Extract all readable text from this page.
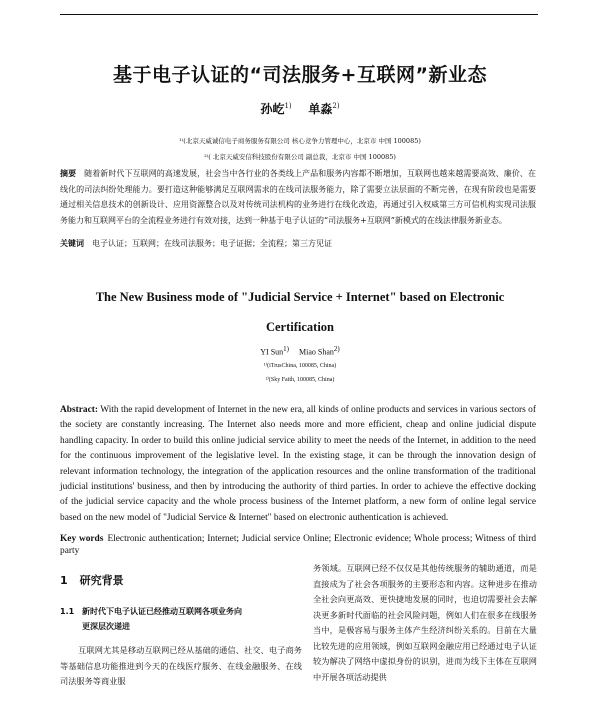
基于电子认证的“司法服务+互联网”新业态
孙屹$^{1)}$ 单淼$^{2)}$
¹⁾(北京天威诚信电子商务服务有限公司 核心竞争力管理中心，北京市 中国 100085)
²⁾( 北京天威安信科技股份有限公司 副总裁，北京市 中国 100085)
摘要 随着新时代下互联网的高速发展，社会当中各行业的各类线上产品和服务内容都不断增加，互联网也越来越需要高效、廉价、在线化的司法纠纷处理能力。要打造这种能够满足互联网需求的在线司法服务能力，除了需要立法层面的不断完善，在现有阶段也是需要通过相关信息技术的创新设计、应用资源整合以及对传统司法机构的业务进行在线化改造，再通过引入权威第三方可信机构实现司法服务能力和互联网平台的全流程业务进行有效对接，达到一种基于电子认证的“司法服务+互联网”新模式的在线法律服务新业态。
关键词 电子认证；互联网；在线司法服务；电子证据；全流程；第三方见证
The New Business mode of "Judicial Service + Internet" based on Electronic
Certification
YI Sun$^{1)}$ Miao Shan$^{2)}$
¹⁾(iTrusChina, 100085, China)
²⁾(Sky Faith, 100085, China)
Abstract: With the rapid development of Internet in the new era, all kinds of online products and services in various sectors of the society are constantly increasing. The Internet also needs more and more efficient, cheap and online judicial dispute handling capacity. In order to build this online judicial service ability to meet the needs of the Internet, in addition to the need for the continuous improvement of the legislative level. In the existing stage, it can be through the innovation design of relevant information technology, the integration of the application resources and the online transformation of the traditional judicial institutions' business, and then by introducing the authority of third parties. In order to achieve the effective docking of the judicial service capacity and the whole process business of the Internet platform, a new form of online legal service based on the new model of "Judicial Service & Internet" based on electronic authentication is achieved.
Key words Electronic authentication; Internet; Judicial service Online; Electronic evidence; Whole process; Witness of third party
1 研究背景
1.1 新时代下电子认证已经推动互联网各项业务向
更深层次递进
互联网尤其是移动互联网已经从基础的通信、社交、电子商务等基础信息功能推进到今天的在线医疗服务、在线金融服务、在线司法服务等商业服
务领域。互联网已经不仅仅是其他传统服务的辅助通道，而是直接成为了社会各项服务的主要形态和内容。这种进步在推动全社会向更高效、更快捷地发展的同时，也迫切需要社会去解决更多新时代面临的社会风险问题，例如人们在很多在线服务当中，是极容易与服务主体产生经济纠纷关系的。目前在大量比较先进的应用领域，例如互联网金融应用已经通过电子认证较为解决了网络中虚拟身份的识别，进而为线下主体在互联网中开展各项活动提供
